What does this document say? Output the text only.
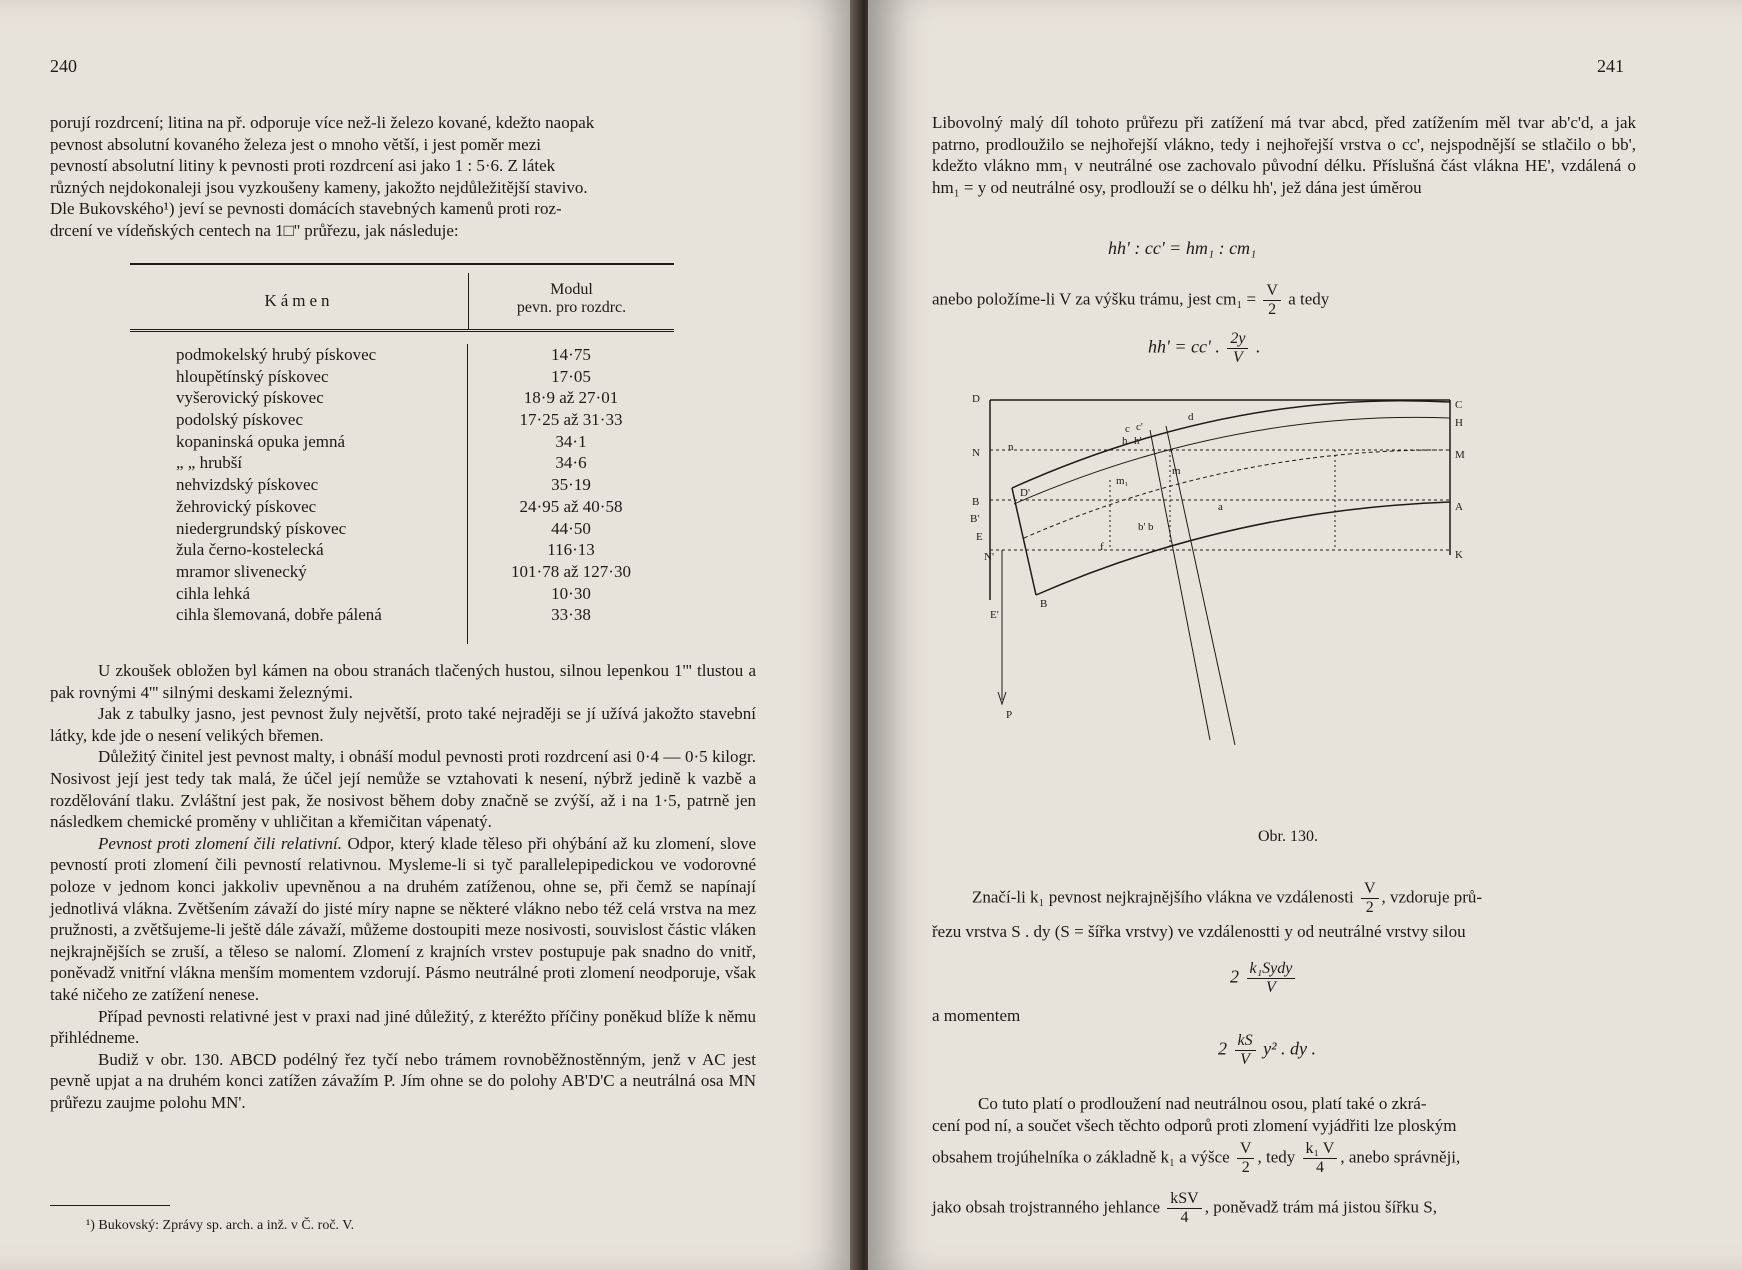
240

porují rozdrcení; litina na př. odporuje více než-li železo kované, kdežto naopak

pevnost absolutní kovaného železa jest o mnoho větší, i jest poměr mezi

pevností absolutní litiny k pevnosti proti rozdrcení asi jako 1 : 5·6. Z látek

různých nejdokonaleji jsou vyzkoušeny kameny, jakožto nejdůležitější stavivo.

Dle Bukovského¹) jeví se pevnosti domácích stavebných kamenů proti roz-

drcení ve vídeňských centech na 1□'' průřezu, jak následuje:

Kámen
Modul
pevn. pro rozdrc.
podmokelský hrubý pískovec
hloupětínský pískovec
vyšerovický pískovec
podolský pískovec
kopaninská opuka jemná
„ „ hrubší
nehvizdský pískovec
žehrovický pískovec
niedergrundský pískovec
žula černo-kostelecká
mramor slivenecký
cihla lehká
cihla šlemovaná, dobře pálená
14·75
17·05
18·9 až 27·01
17·25 až 31·33
34·1
34·6
35·19
24·95 až 40·58
44·50
116·13
101·78 až 127·30
10·30
33·38

U zkoušek obložen byl kámen na obou stranách tlačených hustou, silnou lepenkou 1''' tlustou a pak rovnými 4''' silnými deskami železnými.

Jak z tabulky jasno, jest pevnost žuly největší, proto také nejraději se jí užívá jakožto stavební látky, kde jde o nesení velikých břemen.

Důležitý činitel jest pevnost malty, i obnáší modul pevnosti proti rozdrcení asi 0·4 — 0·5 kilogr. Nosivost její jest tedy tak malá, že účel její nemůže se vztahovati k nesení, nýbrž jedině k vazbě a rozdělování tlaku. Zvláštní jest pak, že nosivost během doby značně se zvýší, až i na 1·5, patrně jen následkem chemické proměny v uhličitan a křemičitan vápenatý.

Pevnost proti zlomení čili relativní. Odpor, který klade těleso při ohýbání až ku zlomení, slove pevností proti zlomení čili pevností relativnou. Mysleme-li si tyč parallelepipedickou ve vodorovné poloze v jednom konci jakkoliv upevněnou a na druhém zatíženou, ohne se, při čemž se napínají jednotlivá vlákna. Zvětšením závaží do jisté míry napne se některé vlákno nebo též celá vrstva na mez pružnosti, a zvětšujeme-li ještě dále závaží, můžeme dostoupiti meze nosivosti, souvislost částic vláken nejkrajnějších se zruší, a těleso se nalomí. Zlomení z krajních vrstev postupuje pak snadno do vnitř, poněvadž vnitřní vlákna menším momentem vzdorují. Pásmo neutrálné proti zlomení neodporuje, však také ničeho ze zatížení nenese.

Případ pevnosti relativné jest v praxi nad jiné důležitý, z kteréžto příčiny poněkud blíže k němu přihlédneme.

Budiž v obr. 130. ABCD podélný řez tyčí nebo trámem rovnoběžnostěnným, jenž v AC jest pevně upjat a na druhém konci zatížen závažím P. Jím ohne se do polohy AB'D'C a neutrálná osa MN průřezu zaujme polohu MN'.

¹) Bukovský: Zprávy sp. arch. a inž. v Č. roč. V.
241

Libovolný malý díl tohoto průřezu při zatížení má tvar abcd, před zatížením měl tvar ab'c'd, a jak patrno, prodloužilo se nejhořejší vlákno, tedy i nejhořejší vrstva o cc', nejspodnější se stlačilo o bb', kdežto vlákno mm₁ v neutrálné ose zachovalo původní délku. Příslušná část vlákna HE', vzdálená o hm₁ = y od neutrálné osy, prodlouží se o délku hh', jež dána jest úměrou

hh' : cc' = hm₁ : cm₁
anebo položíme-li V za výšku trámu, jest $cm_1 = \frac{V}{2}$ a tedy
hh' = cc' . $\frac{2y}{V}$ .
D	C
H
N	M
B
D'
B'
E
A
K
N'
B
E'
P
n
c c'
h h'
d
m₁
m
a
f
b' b
Obr. 130.
Značí-li k₁ pevnost nejkrajnějšího vlákna ve vzdálenosti $\frac{V}{2}$ , vzdoruje prů-
řezu vrstva S . dy (S = šířka vrstvy) ve vzdálenostti y od neutrálné vrstvy silou
$2 \frac{\text{k₁Sydy}}{V}$
a momentem
$2 \frac{kS}{V} y^2$ . dy .
Co tuto platí o prodloužení nad neutrálnou osou, platí také o zkrá-
cení pod ní, a součet všech těchto odporů proti zlomení vyjádřiti lze ploským
obsahem trojúhelníka o základně k₁ a výšce $\frac{V}{2}$ , tedy $\frac{\text{k₁ V}}{4}$ , anebo správněji,
jako obsah trojstranného jehlance $\frac{\text{kSV}}{4}$ , poněvadž trám má jistou šířku S,
